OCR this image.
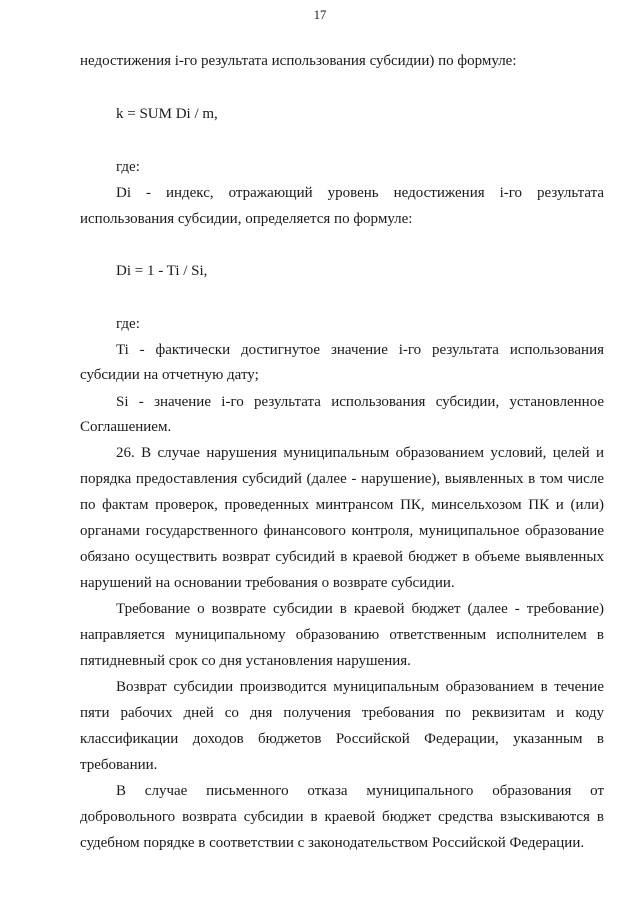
17
недостижения i-го результата использования субсидии) по формуле:
k = SUM Di / m,
где:
Di - индекс, отражающий уровень недостижения i-го результата
использования субсидии, определяется по формуле:
Di = 1 - Ti / Si,
где:
Ti - фактически достигнутое значение i-го результата использования
субсидии на отчетную дату;
Si - значение i-го результата использования субсидии, установленное
Соглашением.
26. В случае нарушения муниципальным образованием условий, целей и
порядка предоставления субсидий (далее - нарушение), выявленных в том числе
по фактам проверок, проведенных минтрансом ПК, минсельхозом ПК и (или)
органами государственного финансового контроля, муниципальное образование
обязано осуществить возврат субсидий в краевой бюджет в объеме выявленных
нарушений на основании требования о возврате субсидии.
Требование о возврате субсидии в краевой бюджет (далее - требование)
направляется муниципальному образованию ответственным исполнителем в
пятидневный срок со дня установления нарушения.
Возврат субсидии производится муниципальным образованием в течение
пяти рабочих дней со дня получения требования по реквизитам и коду
классификации доходов бюджетов Российской Федерации, указанным в
требовании.
В случае письменного отказа муниципального образования от
добровольного возврата субсидии в краевой бюджет средства взыскиваются в
судебном порядке в соответствии с законодательством Российской Федерации.
